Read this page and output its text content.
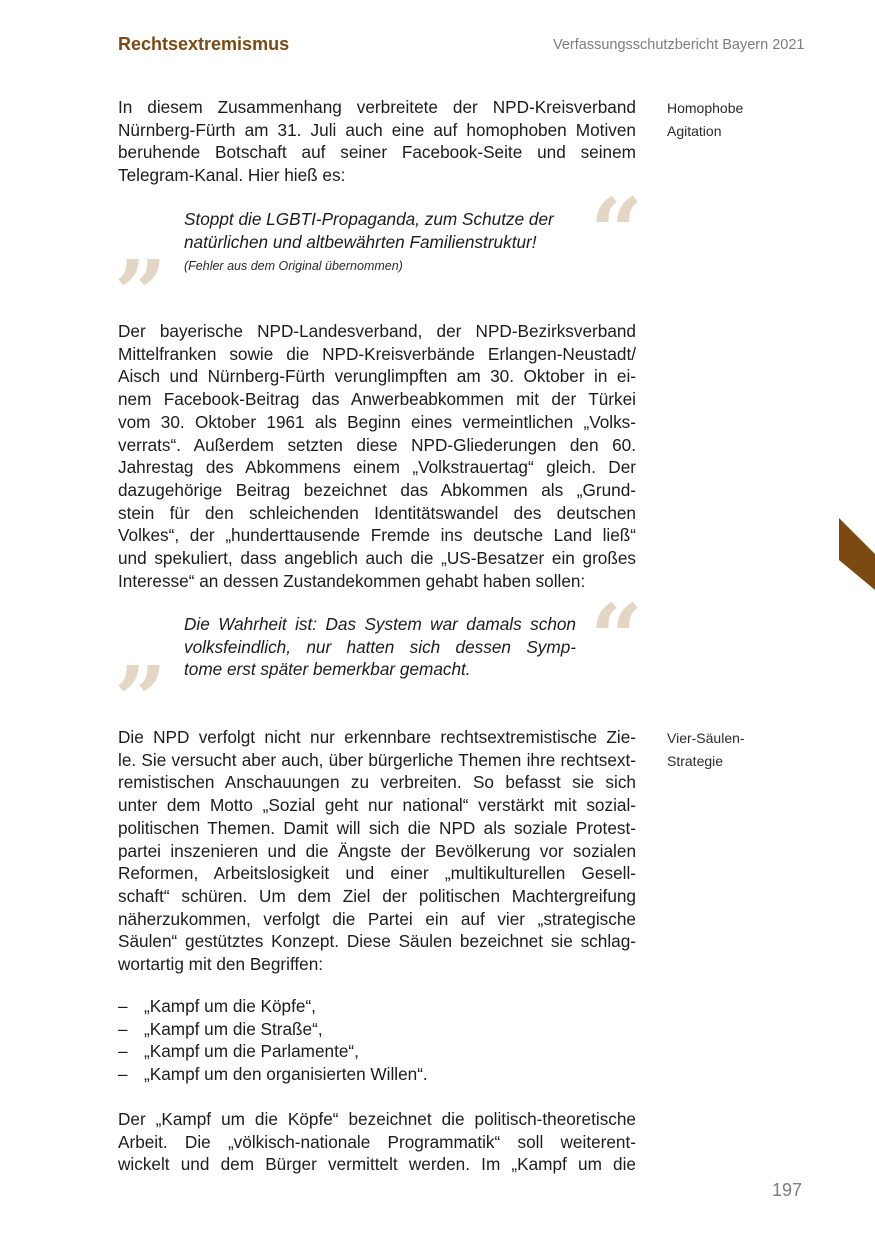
Rechtsextremismus	Verfassungsschutzbericht Bayern 2021

In diesem Zusammenhang verbreitete der NPD-Kreisverband
Nürnberg-Fürth am 31. Juli auch eine auf homophoben Motiven
beruhende Botschaft auf seiner Facebook-Seite und seinem
Telegram-Kanal. Hier hieß es:

Homophobe
Agitation
“

Stoppt die LGBTI-Propaganda, zum Schutze der
natürlichen und altbewährten Familienstruktur!

(Fehler aus dem Original übernommen)
”

Der bayerische NPD-Landesverband, der NPD-Bezirksverband
Mittelfranken sowie die NPD-Kreisverbände Erlangen-Neustadt/
Aisch und Nürnberg-Fürth verunglimpften am 30. Oktober in ei-
nem Facebook-Beitrag das Anwerbeabkommen mit der Türkei
vom 30. Oktober 1961 als Beginn eines vermeintlichen „Volks-
verrats“. Außerdem setzten diese NPD-Gliederungen den 60.
Jahrestag des Abkommens einem „Volkstrauertag“ gleich. Der
dazugehörige Beitrag bezeichnet das Abkommen als „Grund-
stein für den schleichenden Identitätswandel des deutschen
Volkes“, der „hunderttausende Fremde ins deutsche Land ließ“
und spekuliert, dass angeblich auch die „US-Besatzer ein großes
Interesse“ an dessen Zustandekommen gehabt haben sollen:

“

Die Wahrheit ist: Das System war damals schon
volksfeindlich, nur hatten sich dessen Symp-
tome erst später bemerkbar gemacht.

”

Die NPD verfolgt nicht nur erkennbare rechtsextremistische Zie-
le. Sie versucht aber auch, über bürgerliche Themen ihre rechtsext-
remistischen Anschauungen zu verbreiten. So befasst sie sich
unter dem Motto „Sozial geht nur national“ verstärkt mit sozial-
politischen Themen. Damit will sich die NPD als soziale Protest-
partei inszenieren und die Ängste der Bevölkerung vor sozialen
Reformen, Arbeitslosigkeit und einer „multikulturellen Gesell-
schaft“ schüren. Um dem Ziel der politischen Machtergreifung
näherzukommen, verfolgt die Partei ein auf vier „strategische
Säulen“ gestütztes Konzept. Diese Säulen bezeichnet sie schlag-
wortartig mit den Begriffen:

Vier-Säulen-
Strategie
– „Kampf um die Köpfe“,
– „Kampf um die Straße“,
– „Kampf um die Parlamente“,
– „Kampf um den organisierten Willen“.

Der „Kampf um die Köpfe“ bezeichnet die politisch-theoretische
Arbeit. Die „völkisch-nationale Programmatik“ soll weiterent-
wickelt und dem Bürger vermittelt werden. Im „Kampf um die

197
